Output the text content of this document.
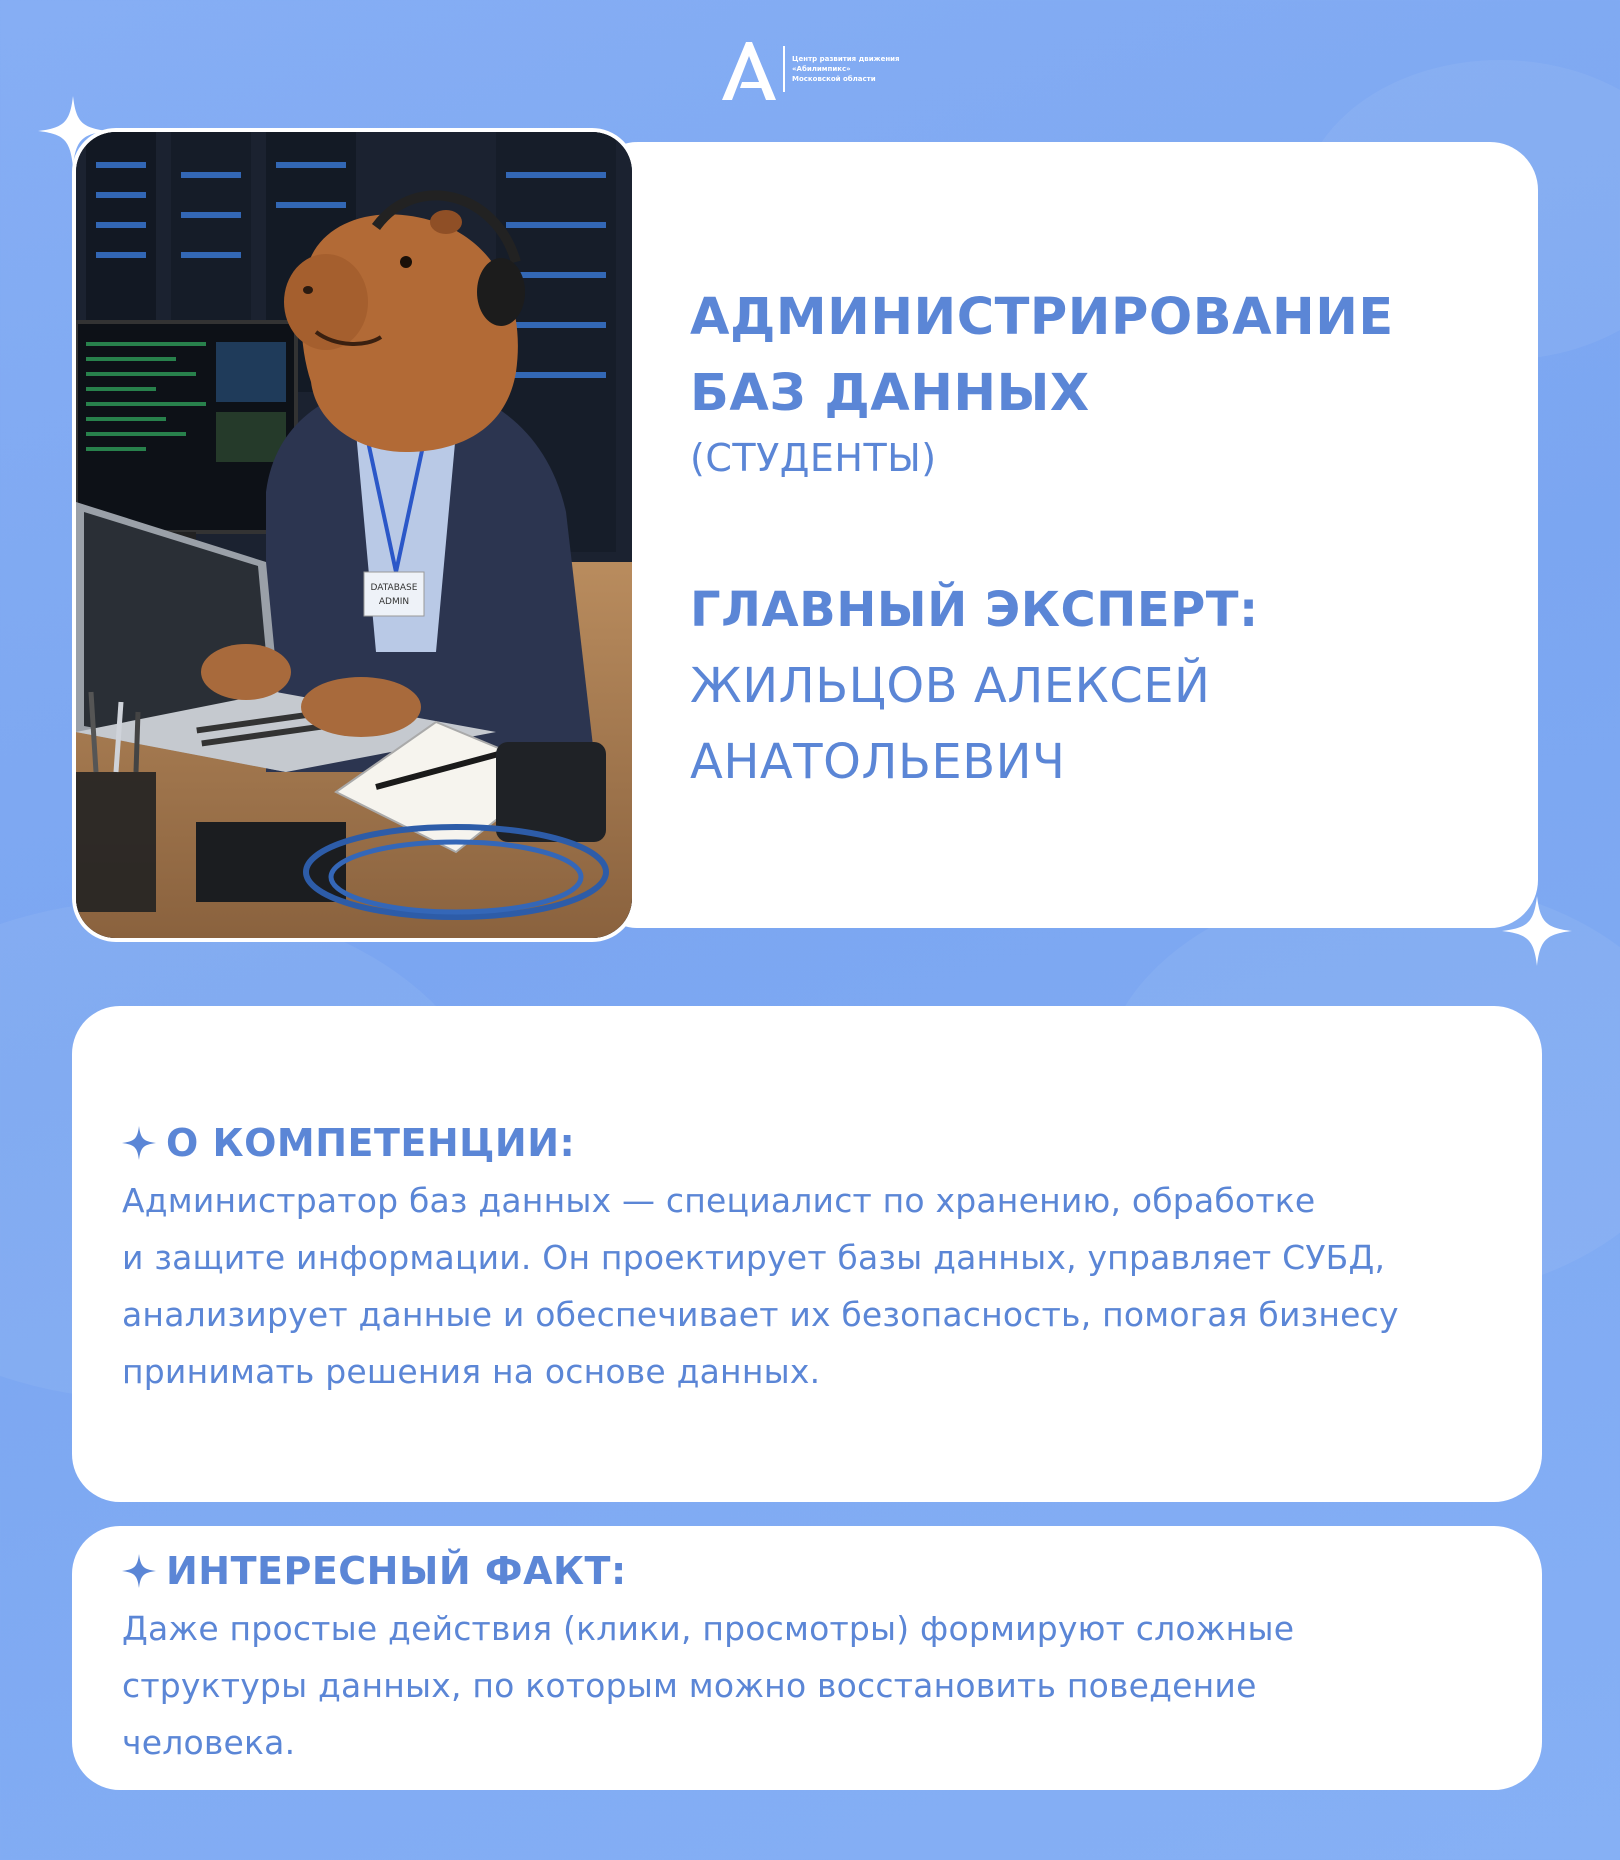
Центр развития движения
«Абилимпикс»
Московской области
DATABASE
ADMIN
АДМИНИСТРИРОВАНИЕ
БАЗ ДАННЫХ
(СТУДЕНТЫ)
ГЛАВНЫЙ ЭКСПЕРТ:
ЖИЛЬЦОВ АЛЕКСЕЙ
АНАТОЛЬЕВИЧ
О КОМПЕТЕНЦИИ:
Администратор баз данных — специалист по хранению, обработке
и защите информации. Он проектирует базы данных, управляет СУБД,
анализирует данные и обеспечивает их безопасность, помогая бизнесу
принимать решения на основе данных.
ИНТЕРЕСНЫЙ ФАКТ:
Даже простые действия (клики, просмотры) формируют сложные
структуры данных, по которым можно восстановить поведение
человека.
